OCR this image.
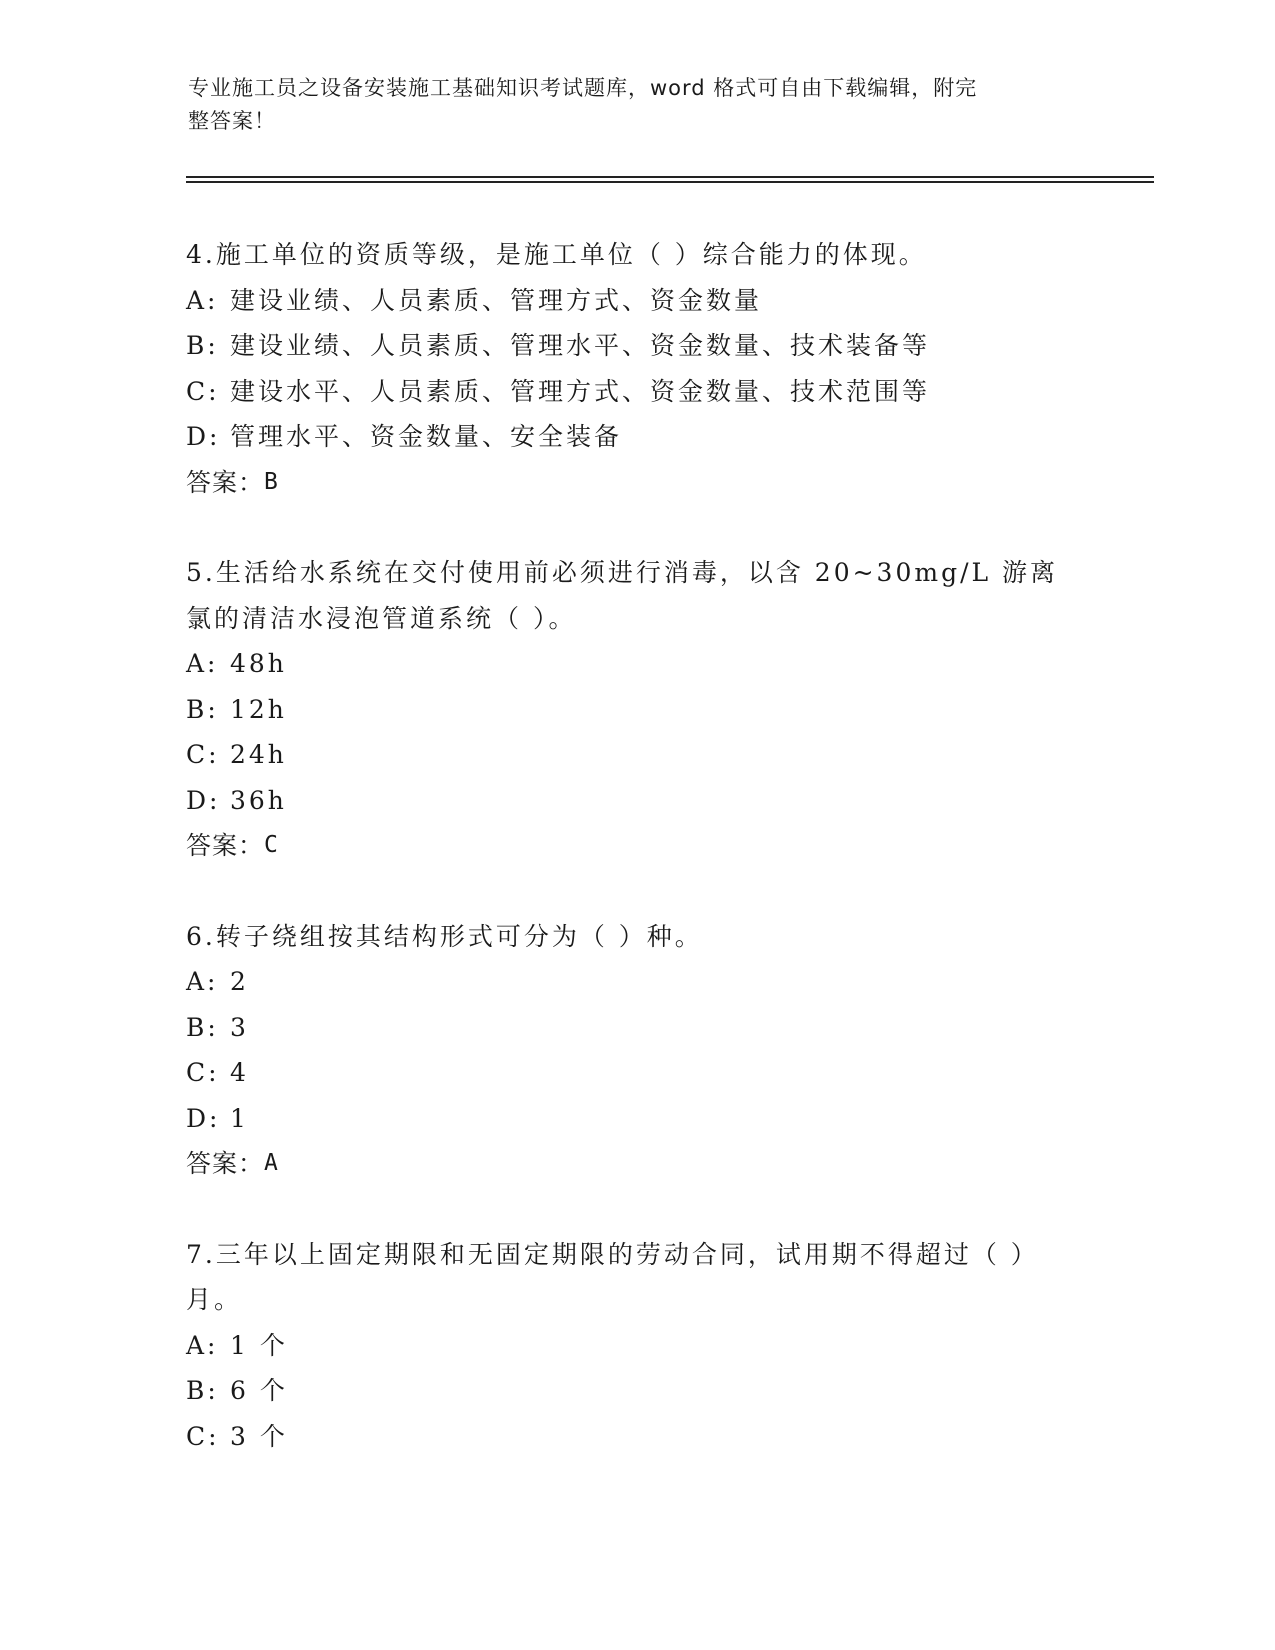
专业施工员之设备安装施工基础知识考试题库，word 格式可自由下载编辑，附完
整答案！

4.施工单位的资质等级，是施工单位（ ）综合能力的体现。

A: 建设业绩、人员素质、管理方式、资金数量

B: 建设业绩、人员素质、管理水平、资金数量、技术装备等

C: 建设水平、人员素质、管理方式、资金数量、技术范围等

D: 管理水平、资金数量、安全装备

答案： B

5.生活给水系统在交付使用前必须进行消毒，以含 20~30mg/L 游离氯的清洁水浸泡管道系统（ ）。

A: 48h

B: 12h

C: 24h

D: 36h

答案： C

6.转子绕组按其结构形式可分为（ ）种。

A: 2

B: 3

C: 4

D: 1

答案： A

7.三年以上固定期限和无固定期限的劳动合同，试用期不得超过（ ）月。

A: 1 个

B: 6 个

C: 3 个
